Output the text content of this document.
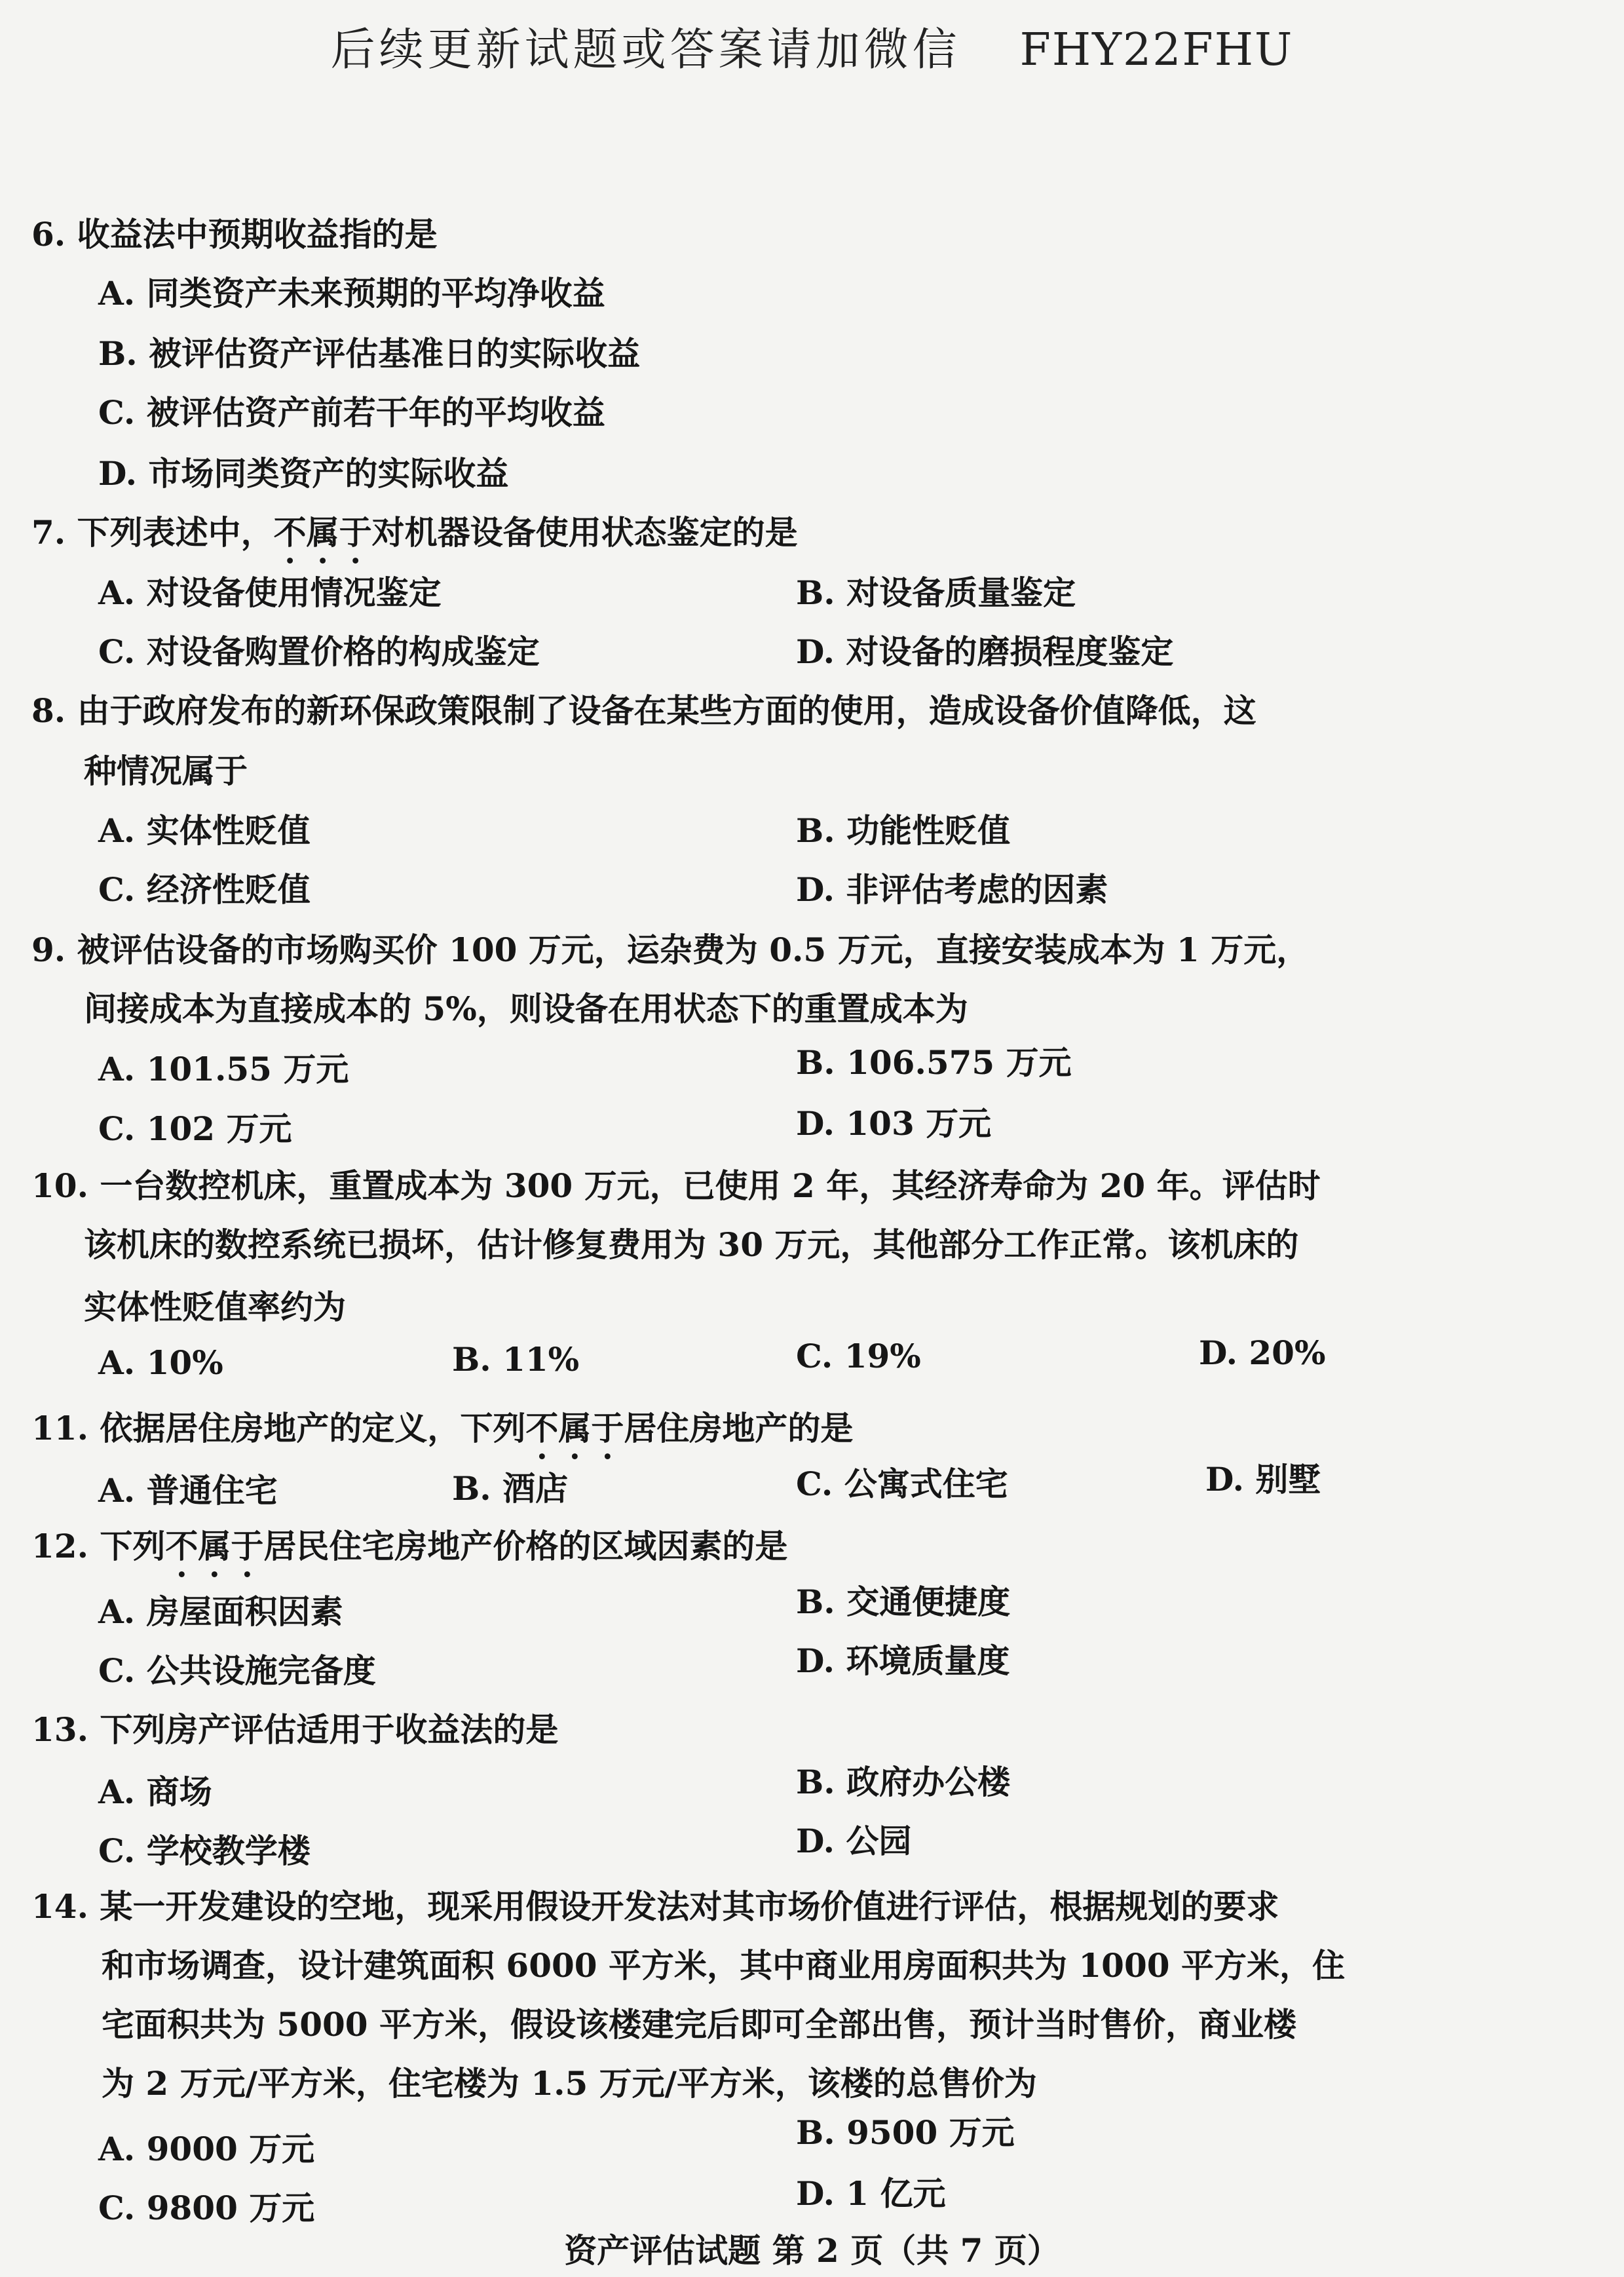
后续更新试题或答案请加微信 FHY22FHU
6. 收益法中预期收益指的是
A. 同类资产未来预期的平均净收益
B. 被评估资产评估基准日的实际收益
C. 被评估资产前若干年的平均收益
D. 市场同类资产的实际收益
7. 下列表述中，不属于对机器设备使用状态鉴定的是
A. 对设备使用情况鉴定	B. 对设备质量鉴定
C. 对设备购置价格的构成鉴定	D. 对设备的磨损程度鉴定
8. 由于政府发布的新环保政策限制了设备在某些方面的使用，造成设备价值降低，这
种情况属于
A. 实体性贬值	B. 功能性贬值
C. 经济性贬值	D. 非评估考虑的因素
9. 被评估设备的市场购买价 100 万元，运杂费为 0.5 万元，直接安装成本为 1 万元，
间接成本为直接成本的 5%，则设备在用状态下的重置成本为
A. 101.55 万元	B. 106.575 万元
C. 102 万元	D. 103 万元
10. 一台数控机床，重置成本为 300 万元，已使用 2 年，其经济寿命为 20 年。评估时
该机床的数控系统已损坏，估计修复费用为 30 万元，其他部分工作正常。该机床的
实体性贬值率约为
A. 10%	B. 11%	C. 19%	D. 20%
11. 依据居住房地产的定义，下列不属于居住房地产的是
A. 普通住宅	B. 酒店	C. 公寓式住宅	D. 别墅
12. 下列不属于居民住宅房地产价格的区域因素的是
A. 房屋面积因素	B. 交通便捷度
C. 公共设施完备度	D. 环境质量度
13. 下列房产评估适用于收益法的是
A. 商场	B. 政府办公楼
C. 学校教学楼	D. 公园
14. 某一开发建设的空地，现采用假设开发法对其市场价值进行评估，根据规划的要求
和市场调查，设计建筑面积 6000 平方米，其中商业用房面积共为 1000 平方米，住
宅面积共为 5000 平方米，假设该楼建完后即可全部出售，预计当时售价，商业楼
为 2 万元/平方米，住宅楼为 1.5 万元/平方米，该楼的总售价为
A. 9000 万元	B. 9500 万元
C. 9800 万元	D. 1 亿元
资产评估试题 第 2 页（共 7 页）
